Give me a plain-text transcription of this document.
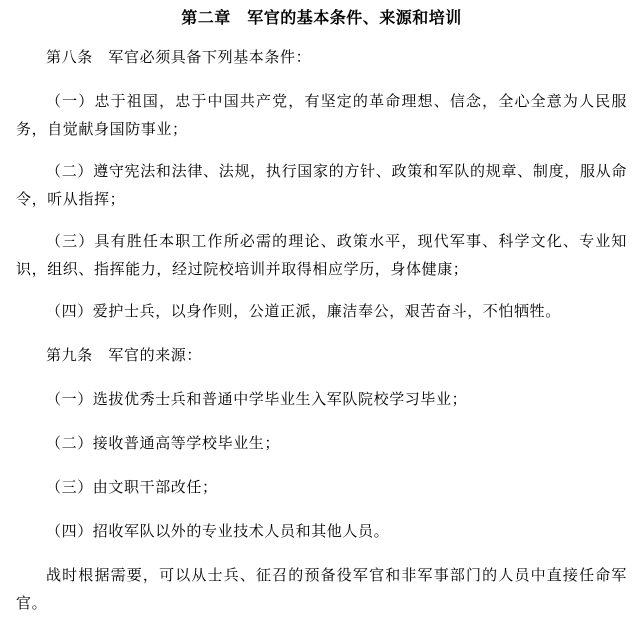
第二章　军官的基本条件、来源和培训

第八条　军官必须具备下列基本条件：

（一）忠于祖国，忠于中国共产党，有坚定的革命理想、信念，全心全意为人民服务，自觉献身国防事业；

（二）遵守宪法和法律、法规，执行国家的方针、政策和军队的规章、制度，服从命令，听从指挥；

（三）具有胜任本职工作所必需的理论、政策水平，现代军事、科学文化、专业知识，组织、指挥能力，经过院校培训并取得相应学历，身体健康；

（四）爱护士兵，以身作则，公道正派，廉洁奉公，艰苦奋斗，不怕牺牲。

第九条　军官的来源：

（一）选拔优秀士兵和普通中学毕业生入军队院校学习毕业；

（二）接收普通高等学校毕业生；

（三）由文职干部改任；

（四）招收军队以外的专业技术人员和其他人员。

战时根据需要，可以从士兵、征召的预备役军官和非军事部门的人员中直接任命军官。
